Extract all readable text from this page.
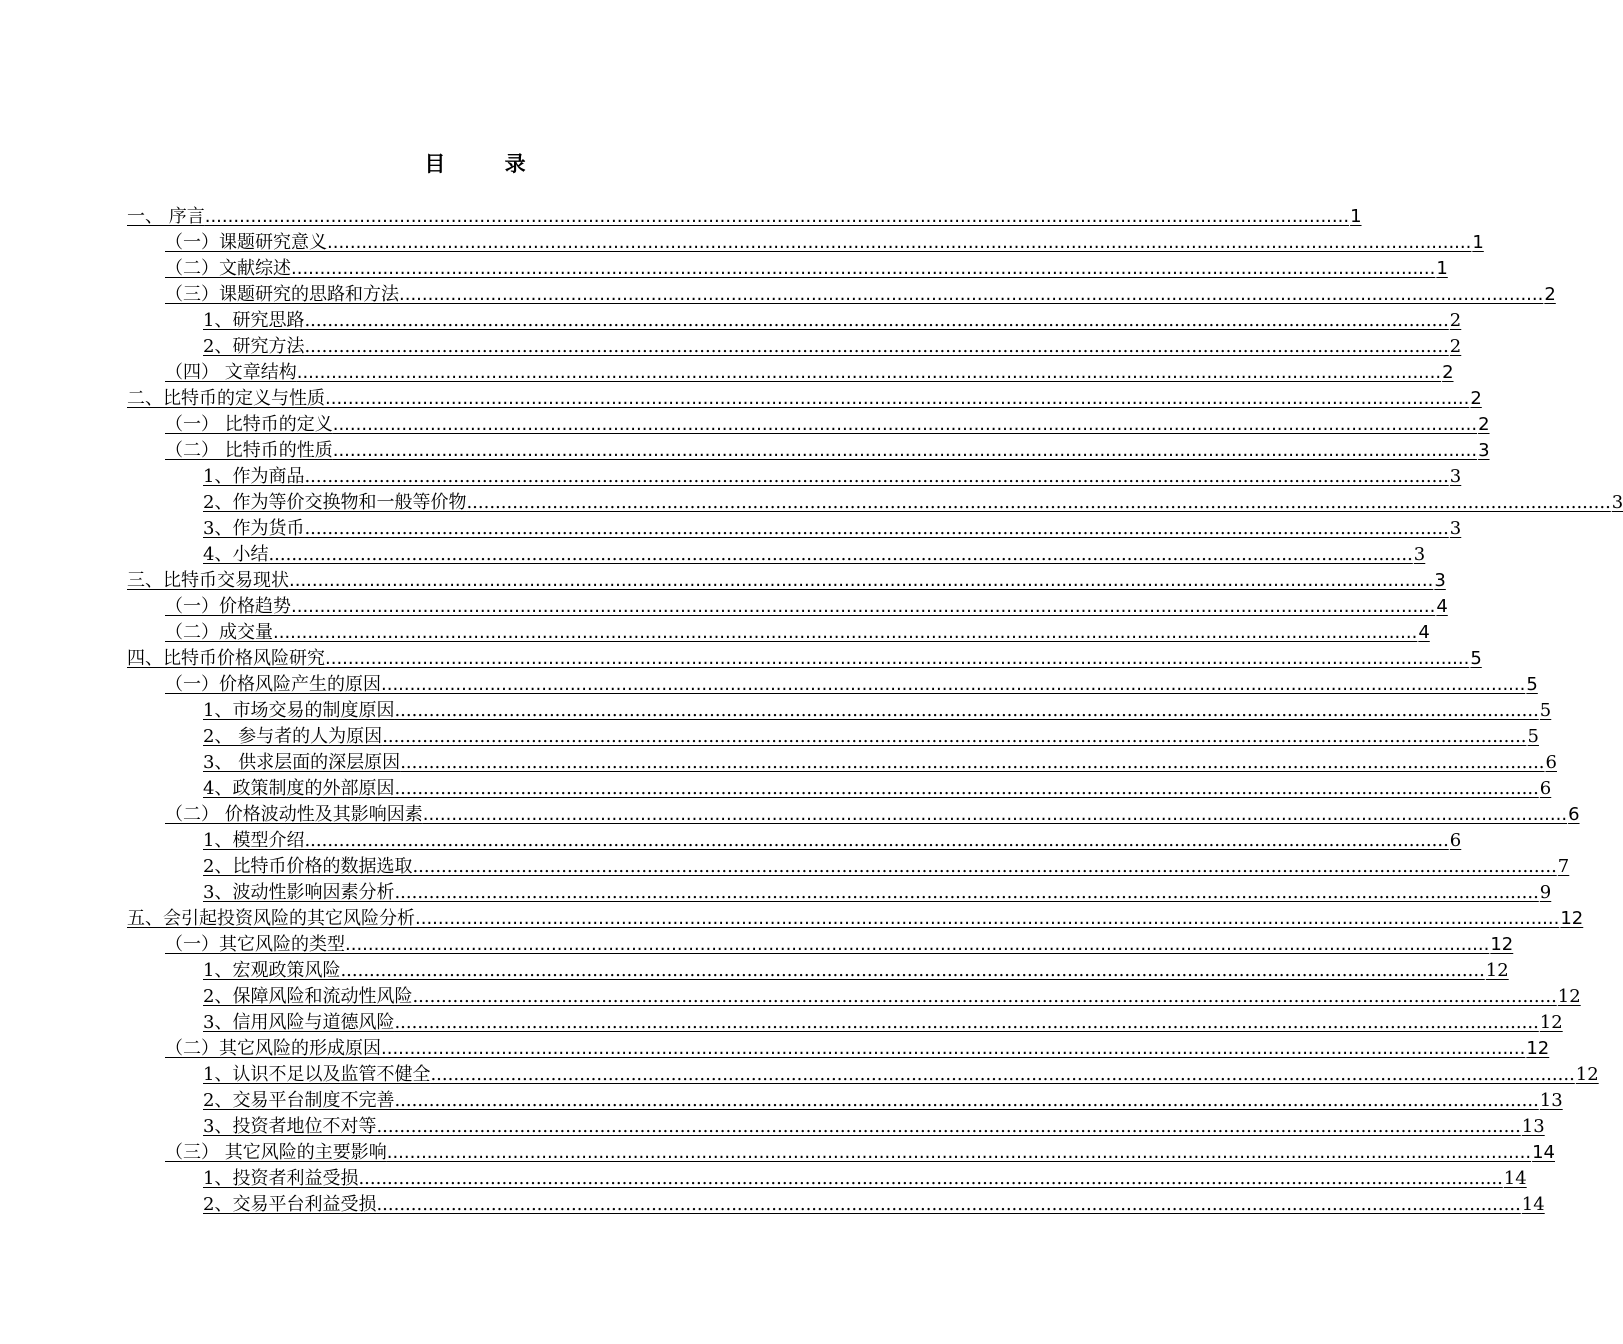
目 录
一、 序言 ........................................................................................................................................................................................................ 1
（一）课题研究意义 ........................................................................................................................................................................................................ 1
（二）文献综述 ........................................................................................................................................................................................................ 1
（三）课题研究的思路和方法 ........................................................................................................................................................................................................ 2
1、研究思路 ........................................................................................................................................................................................................ 2
2、研究方法 ........................................................................................................................................................................................................ 2
（四） 文章结构 ........................................................................................................................................................................................................ 2
二、比特币的定义与性质 ........................................................................................................................................................................................................ 2
（一） 比特币的定义 ........................................................................................................................................................................................................ 2
（二） 比特币的性质 ........................................................................................................................................................................................................ 3
1、作为商品 ........................................................................................................................................................................................................ 3
2、作为等价交换物和一般等价物 ........................................................................................................................................................................................................ 3
3、作为货币 ........................................................................................................................................................................................................ 3
4、小结 ........................................................................................................................................................................................................ 3
三、比特币交易现状 ........................................................................................................................................................................................................ 3
（一）价格趋势 ........................................................................................................................................................................................................ 4
（二）成交量 ........................................................................................................................................................................................................ 4
四、比特币价格风险研究 ........................................................................................................................................................................................................ 5
（一）价格风险产生的原因 ........................................................................................................................................................................................................ 5
1、市场交易的制度原因 ........................................................................................................................................................................................................ 5
2、 参与者的人为原因 ........................................................................................................................................................................................................ 5
3、 供求层面的深层原因 ........................................................................................................................................................................................................ 6
4、政策制度的外部原因 ........................................................................................................................................................................................................ 6
（二） 价格波动性及其影响因素 ........................................................................................................................................................................................................ 6
1、模型介绍 ........................................................................................................................................................................................................ 6
2、比特币价格的数据选取 ........................................................................................................................................................................................................ 7
3、波动性影响因素分析 ........................................................................................................................................................................................................ 9
五、会引起投资风险的其它风险分析 ........................................................................................................................................................................................................ 12
（一）其它风险的类型 ........................................................................................................................................................................................................ 12
1、宏观政策风险 ........................................................................................................................................................................................................ 12
2、保障风险和流动性风险 ........................................................................................................................................................................................................ 12
3、信用风险与道德风险 ........................................................................................................................................................................................................ 12
（二）其它风险的形成原因 ........................................................................................................................................................................................................ 12
1、认识不足以及监管不健全 ........................................................................................................................................................................................................ 12
2、交易平台制度不完善 ........................................................................................................................................................................................................ 13
3、投资者地位不对等 ........................................................................................................................................................................................................ 13
（三） 其它风险的主要影响 ........................................................................................................................................................................................................ 14
1、投资者利益受损 ........................................................................................................................................................................................................ 14
2、交易平台利益受损 ........................................................................................................................................................................................................ 14
